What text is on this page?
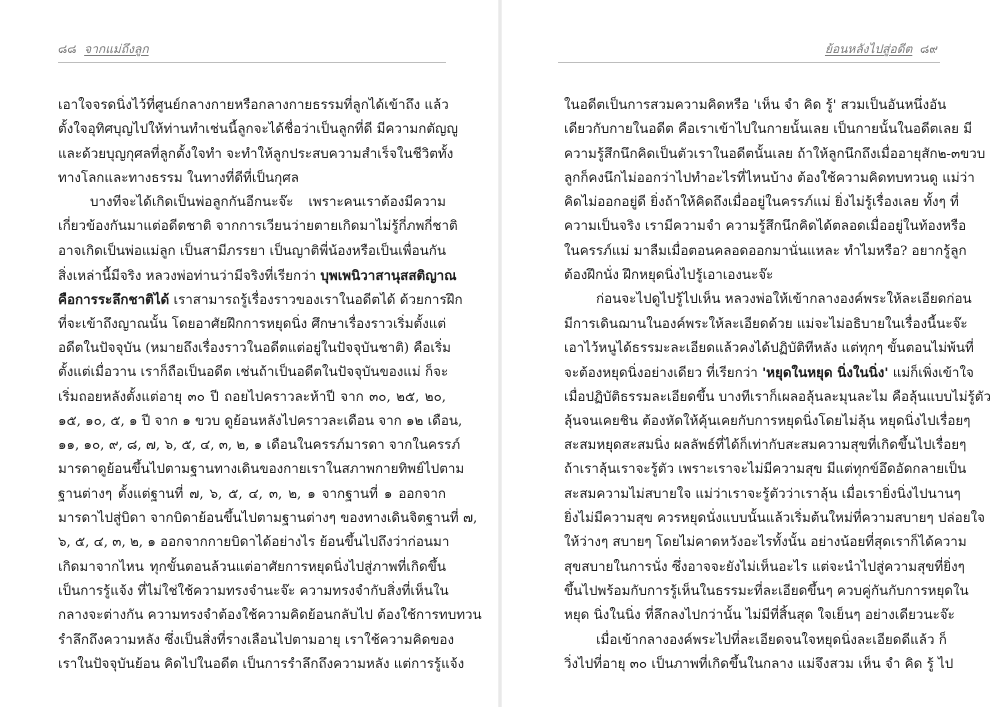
๘๘ จากแม่ถึงลูก
เอาใจจรดนิ่งไว้ที่ศูนย์กลางกายหรือกลางกายธรรมที่ลูกได้เข้าถึง แล้ว
ตั้งใจอุทิศบุญไปให้ท่านทำเช่นนี้ลูกจะได้ชื่อว่าเป็นลูกที่ดี มีความกตัญญู
และด้วยบุญกุศลที่ลูกตั้งใจทำ จะทำให้ลูกประสบความสำเร็จในชีวิตทั้ง
ทางโลกและทางธรรม ในทางที่ดีที่เป็นกุศล
บางทีจะได้เกิดเป็นพ่อลูกกันอีกนะจ๊ะ เพราะคนเราต้องมีความ
เกี่ยวข้องกันมาแต่อดีตชาติ จากการเวียนว่ายตายเกิดมาไม่รู้กี่ภพกี่ชาติ
อาจเกิดเป็นพ่อแม่ลูก เป็นสามีภรรยา เป็นญาติพี่น้องหรือเป็นเพื่อนกัน
สิ่งเหล่านี้มีจริง หลวงพ่อท่านว่ามีจริงที่เรียกว่า บุพเพนิวาสานุสสติญาณ
คือการระลึกชาติได้ เราสามารถรู้เรื่องราวของเราในอดีตได้ ด้วยการฝึก
ที่จะเข้าถึงญาณนั้น โดยอาศัยฝึกการหยุดนิ่ง ศึกษาเรื่องราวเริ่มตั้งแต่
อดีตในปัจจุบัน (หมายถึงเรื่องราวในอดีตแต่อยู่ในปัจจุบันชาติ) คือเริ่ม
ตั้งแต่เมื่อวาน เราก็ถือเป็นอดีต เช่นถ้าเป็นอดีตในปัจจุบันของแม่ ก็จะ
เริ่มถอยหลังตั้งแต่อายุ ๓๐ ปี ถอยไปคราวละห้าปี จาก ๓๐, ๒๕, ๒๐,
๑๕, ๑๐, ๕, ๑ ปี จาก ๑ ขวบ ดูย้อนหลังไปคราวละเดือน จาก ๑๒ เดือน,
๑๑, ๑๐, ๙, ๘, ๗, ๖, ๕, ๔, ๓, ๒, ๑ เดือนในครรภ์มารดา จากในครรภ์
มารดาดูย้อนขึ้นไปตามฐานทางเดินของกายเราในสภาพกายทิพย์ไปตาม
ฐานต่างๆ ตั้งแต่ฐานที่ ๗, ๖, ๕, ๔, ๓, ๒, ๑ จากฐานที่ ๑ ออกจาก
มารดาไปสู่บิดา จากบิดาย้อนขึ้นไปตามฐานต่างๆ ของทางเดินจิตฐานที่ ๗,
๖, ๕, ๔, ๓, ๒, ๑ ออกจากกายบิดาได้อย่างไร ย้อนขึ้นไปถึงว่าก่อนมา
เกิดมาจากไหน ทุกขั้นตอนล้วนแต่อาศัยการหยุดนิ่งไปสู่ภาพที่เกิดขึ้น
เป็นการรู้แจ้ง ที่ไม่ใช่ใช้ความทรงจำนะจ๊ะ ความทรงจำกับสิ่งที่เห็นใน
กลางจะต่างกัน ความทรงจำต้องใช้ความคิดย้อนกลับไป ต้องใช้การทบทวน
รำลึกถึงความหลัง ซึ่งเป็นสิ่งที่รางเลือนไปตามอายุ เราใช้ความคิดของ
เราในปัจจุบันย้อน คิดไปในอดีต เป็นการรำลึกถึงความหลัง แต่การรู้แจ้ง
ย้อนหลังไปสู่อดีต ๘๙
ในอดีตเป็นการสวมความคิดหรือ 'เห็น จำ คิด รู้' สวมเป็นอันหนึ่งอัน
เดียวกับกายในอดีต คือเราเข้าไปในกายนั้นเลย เป็นกายนั้นในอดีตเลย มี
ความรู้สึกนึกคิดเป็นตัวเราในอดีตนั้นเลย ถ้าให้ลูกนึกถึงเมื่ออายุสัก๒-๓ขวบ
ลูกก็คงนึกไม่ออกว่าไปทำอะไรที่ไหนบ้าง ต้องใช้ความคิดทบทวนดู แม่ว่า
คิดไม่ออกอยู่ดี ยิ่งถ้าให้คิดถึงเมื่ออยู่ในครรภ์แม่ ยิ่งไม่รู้เรื่องเลย ทั้งๆ ที่
ความเป็นจริง เรามีความจำ ความรู้สึกนึกคิดได้ตลอดเมื่ออยู่ในท้องหรือ
ในครรภ์แม่ มาลืมเมื่อตอนคลอดออกมานั่นแหละ ทำไมหรือ? อยากรู้ลูก
ต้องฝึกนั่ง ฝึกหยุดนิ่งไปรู้เอาเองนะจ๊ะ
ก่อนจะไปดูไปรู้ไปเห็น หลวงพ่อให้เข้ากลางองค์พระให้ละเอียดก่อน
มีการเดินฌานในองค์พระให้ละเอียดด้วย แม่จะไม่อธิบายในเรื่องนี้นะจ๊ะ
เอาไว้หนูได้ธรรมะละเอียดแล้วคงได้ปฏิบัติทีหลัง แต่ทุกๆ ขั้นตอนไม่พ้นที่
จะต้องหยุดนิ่งอย่างเดียว ที่เรียกว่า 'หยุดในหยุด นิ่งในนิ่ง' แม่ก็เพิ่งเข้าใจ
เมื่อปฏิบัติธรรมละเอียดขึ้น บางทีเราก็เผลอลุ้นละมุนละไม คือลุ้นแบบไม่รู้ตัว
ลุ้นจนเคยชิน ต้องหัดให้คุ้นเคยกับการหยุดนิ่งโดยไม่ลุ้น หยุดนิ่งไปเรื่อยๆ
สะสมหยุดสะสมนิ่ง ผลลัพธ์ที่ได้ก็เท่ากับสะสมความสุขที่เกิดขึ้นไปเรื่อยๆ
ถ้าเราลุ้นเราจะรู้ตัว เพราะเราจะไม่มีความสุข มีแต่ทุกข์อึดอัดกลายเป็น
สะสมความไม่สบายใจ แม่ว่าเราจะรู้ตัวว่าเราลุ้น เมื่อเรายิ่งนิ่งไปนานๆ
ยิ่งไม่มีความสุข ควรหยุดนั่งแบบนั้นแล้วเริ่มต้นใหม่ที่ความสบายๆ ปล่อยใจ
ให้ว่างๆ สบายๆ โดยไม่คาดหวังอะไรทั้งนั้น อย่างน้อยที่สุดเราก็ได้ความ
สุขสบายในการนั่ง ซึ่งอาจจะยังไม่เห็นอะไร แต่จะนำไปสู่ความสุขที่ยิ่งๆ
ขึ้นไปพร้อมกับการรู้เห็นในธรรมะที่ละเอียดขึ้นๆ ควบคู่กันกับการหยุดใน
หยุด นิ่งในนิ่ง ที่ลึกลงไปกว่านั้น ไม่มีที่สิ้นสุด ใจเย็นๆ อย่างเดียวนะจ๊ะ
เมื่อเข้ากลางองค์พระไปที่ละเอียดจนใจหยุดนิ่งละเอียดดีแล้ว ก็
วิ่งไปที่อายุ ๓๐ เป็นภาพที่เกิดขึ้นในกลาง แม่จึงสวม เห็น จำ คิด รู้ ไป
